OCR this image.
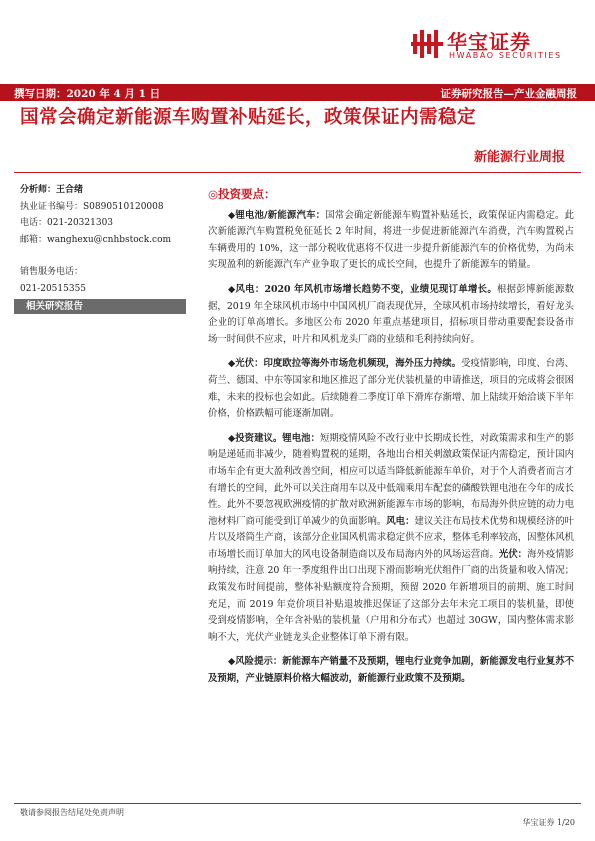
华宝证券
HWABAO SECURITIES
撰写日期：2020 年 4 月 1 日	证券研究报告—产业金融周报
国常会确定新能源车购置补贴延长，政策保证内需稳定
新能源行业周报
分析师：王合绪
执业证书编号：S0890510120008
电话：021-20321303
邮箱：wanghexu@cnhbstock.com
销售服务电话：
021-20515355
相关研究报告
◎投资要点：

◆锂电池/新能源汽车：国常会确定新能源车购置补贴延长，政策保证内需稳定。此次新能源汽车购置税免征延长 2 年时间，将进一步促进新能源汽车消费，汽车购置税占车辆费用的 10%，这一部分税收优惠将不仅进一步提升新能源汽车的价格优势，为尚未实现盈利的新能源汽车产业争取了更长的成长空间，也提升了新能源车的销量。

◆风电：2020 年风机市场增长趋势不变，业绩见现订单增长。根据彭博新能源数据，2019 年全球风机市场中中国风机厂商表现优异，全球风机市场持续增长，看好龙头企业的订单高增长。多地区公布 2020 年重点基建项目，招标项目带动重要配套设备市场一时间供不应求，叶片和风机龙头厂商的业绩和毛利持续向好。

◆光伏：印度欧拉等海外市场危机频现，海外压力持续。受疫情影响，印度、台湾、荷兰、德国、中东等国家和地区推迟了部分光伏装机量的申请推送，项目的完成将会很困难，未来的投标也会如此。后续随着二季度订单下滑库存渐增、加上陆续开始洽谈下半年价格，价格跌幅可能逐渐加剧。

◆投资建议。锂电池：短期疫情风险不改行业中长期成长性，对政策需求和生产的影响是递延而非减少，随着购置税的延期，各地出台相关刺激政策保证内需稳定，预计国内市场车企有更大盈利改善空间，相应可以适当降低新能源车单价，对于个人消费者而言才有增长的空间，此外可以关注商用车以及中低端乘用车配套的磷酸铁锂电池在今年的成长性。此外不要忽视欧洲疫情的扩散对欧洲新能源车市场的影响，布局海外供应链的动力电池材料厂商可能受到订单减少的负面影响。风电：建议关注布局技术优势和规模经济的叶片以及塔筒生产商，该部分企业国风机需求稳定供不应求，整体毛利率较高，因整体风机市场增长而订单加大的风电设备制造商以及布局海内外的风场运营商。光伏：海外疫情影响持续，注意 20 年一季度组件出口出现下滑而影响光伏组件厂商的出货量和收入情况；政策发布时间提前，整体补贴额度符合预期，预留 2020 年新增项目的前期、施工时间充足，而 2019 年竞价项目补贴退坡推迟保证了这部分去年未完工项目的装机量，即使受到疫情影响，全年含补贴的装机量（户用和分布式）也超过 30GW，国内整体需求影响不大，光伏产业链龙头企业整体订单下滑有限。

◆风险提示：新能源车产销量不及预期，锂电行业竞争加剧，新能源发电行业复苏不及预期，产业链原料价格大幅波动，新能源行业政策不及预期。

敬请参阅报告结尾处免责声明
华宝证券 1/20
